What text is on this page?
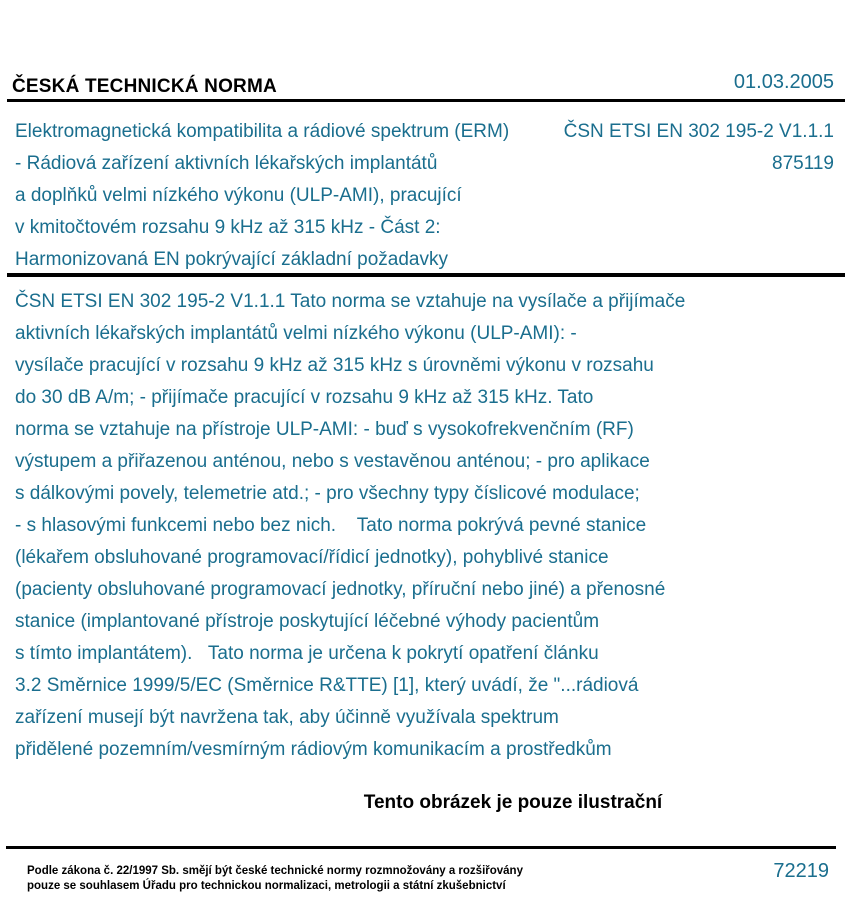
ČESKÁ TECHNICKÁ NORMA	01.03.2005
Elektromagnetická kompatibilita a rádiové spektrum (ERM)
- Rádiová zařízení aktivních lékařských implantátů
a doplňků velmi nízkého výkonu (ULP-AMI), pracující
v kmitočtovém rozsahu 9 kHz až 315 kHz - Část 2:
Harmonizovaná EN pokrývající základní požadavky
ČSN ETSI EN 302 195-2 V1.1.1
875119
ČSN ETSI EN 302 195-2 V1.1.1 Tato norma se vztahuje na vysílače a přijímače
aktivních lékařských implantátů velmi nízkého výkonu (ULP-AMI): -
vysílače pracující v rozsahu 9 kHz až 315 kHz s úrovněmi výkonu v rozsahu
do 30 dB A/m; - přijímače pracující v rozsahu 9 kHz až 315 kHz. Tato
norma se vztahuje na přístroje ULP-AMI: - buď s vysokofrekvenčním (RF)
výstupem a přiřazenou anténou, nebo s vestavěnou anténou; - pro aplikace
s dálkovými povely, telemetrie atd.; - pro všechny typy číslicové modulace;
- s hlasovými funkcemi nebo bez nich.    Tato norma pokrývá pevné stanice
(lékařem obsluhované programovací/řídicí jednotky), pohyblivé stanice
(pacienty obsluhované programovací jednotky, příruční nebo jiné) a přenosné
stanice (implantované přístroje poskytující léčebné výhody pacientům
s tímto implantátem).   Tato norma je určena k pokrytí opatření článku
3.2 Směrnice 1999/5/EC (Směrnice R&TTE) [1], který uvádí, že "...rádiová
zařízení musejí být navržena tak, aby účinně využívala spektrum
přidělené pozemním/vesmírným rádiovým komunikacím a prostředkům
Tento obrázek je pouze ilustrační
Podle zákona č. 22/1997 Sb. smějí být české technické normy rozmnožovány a rozšiřovány
pouze se souhlasem Úřadu pro technickou normalizaci, metrologii a státní zkušebnictví
72219
